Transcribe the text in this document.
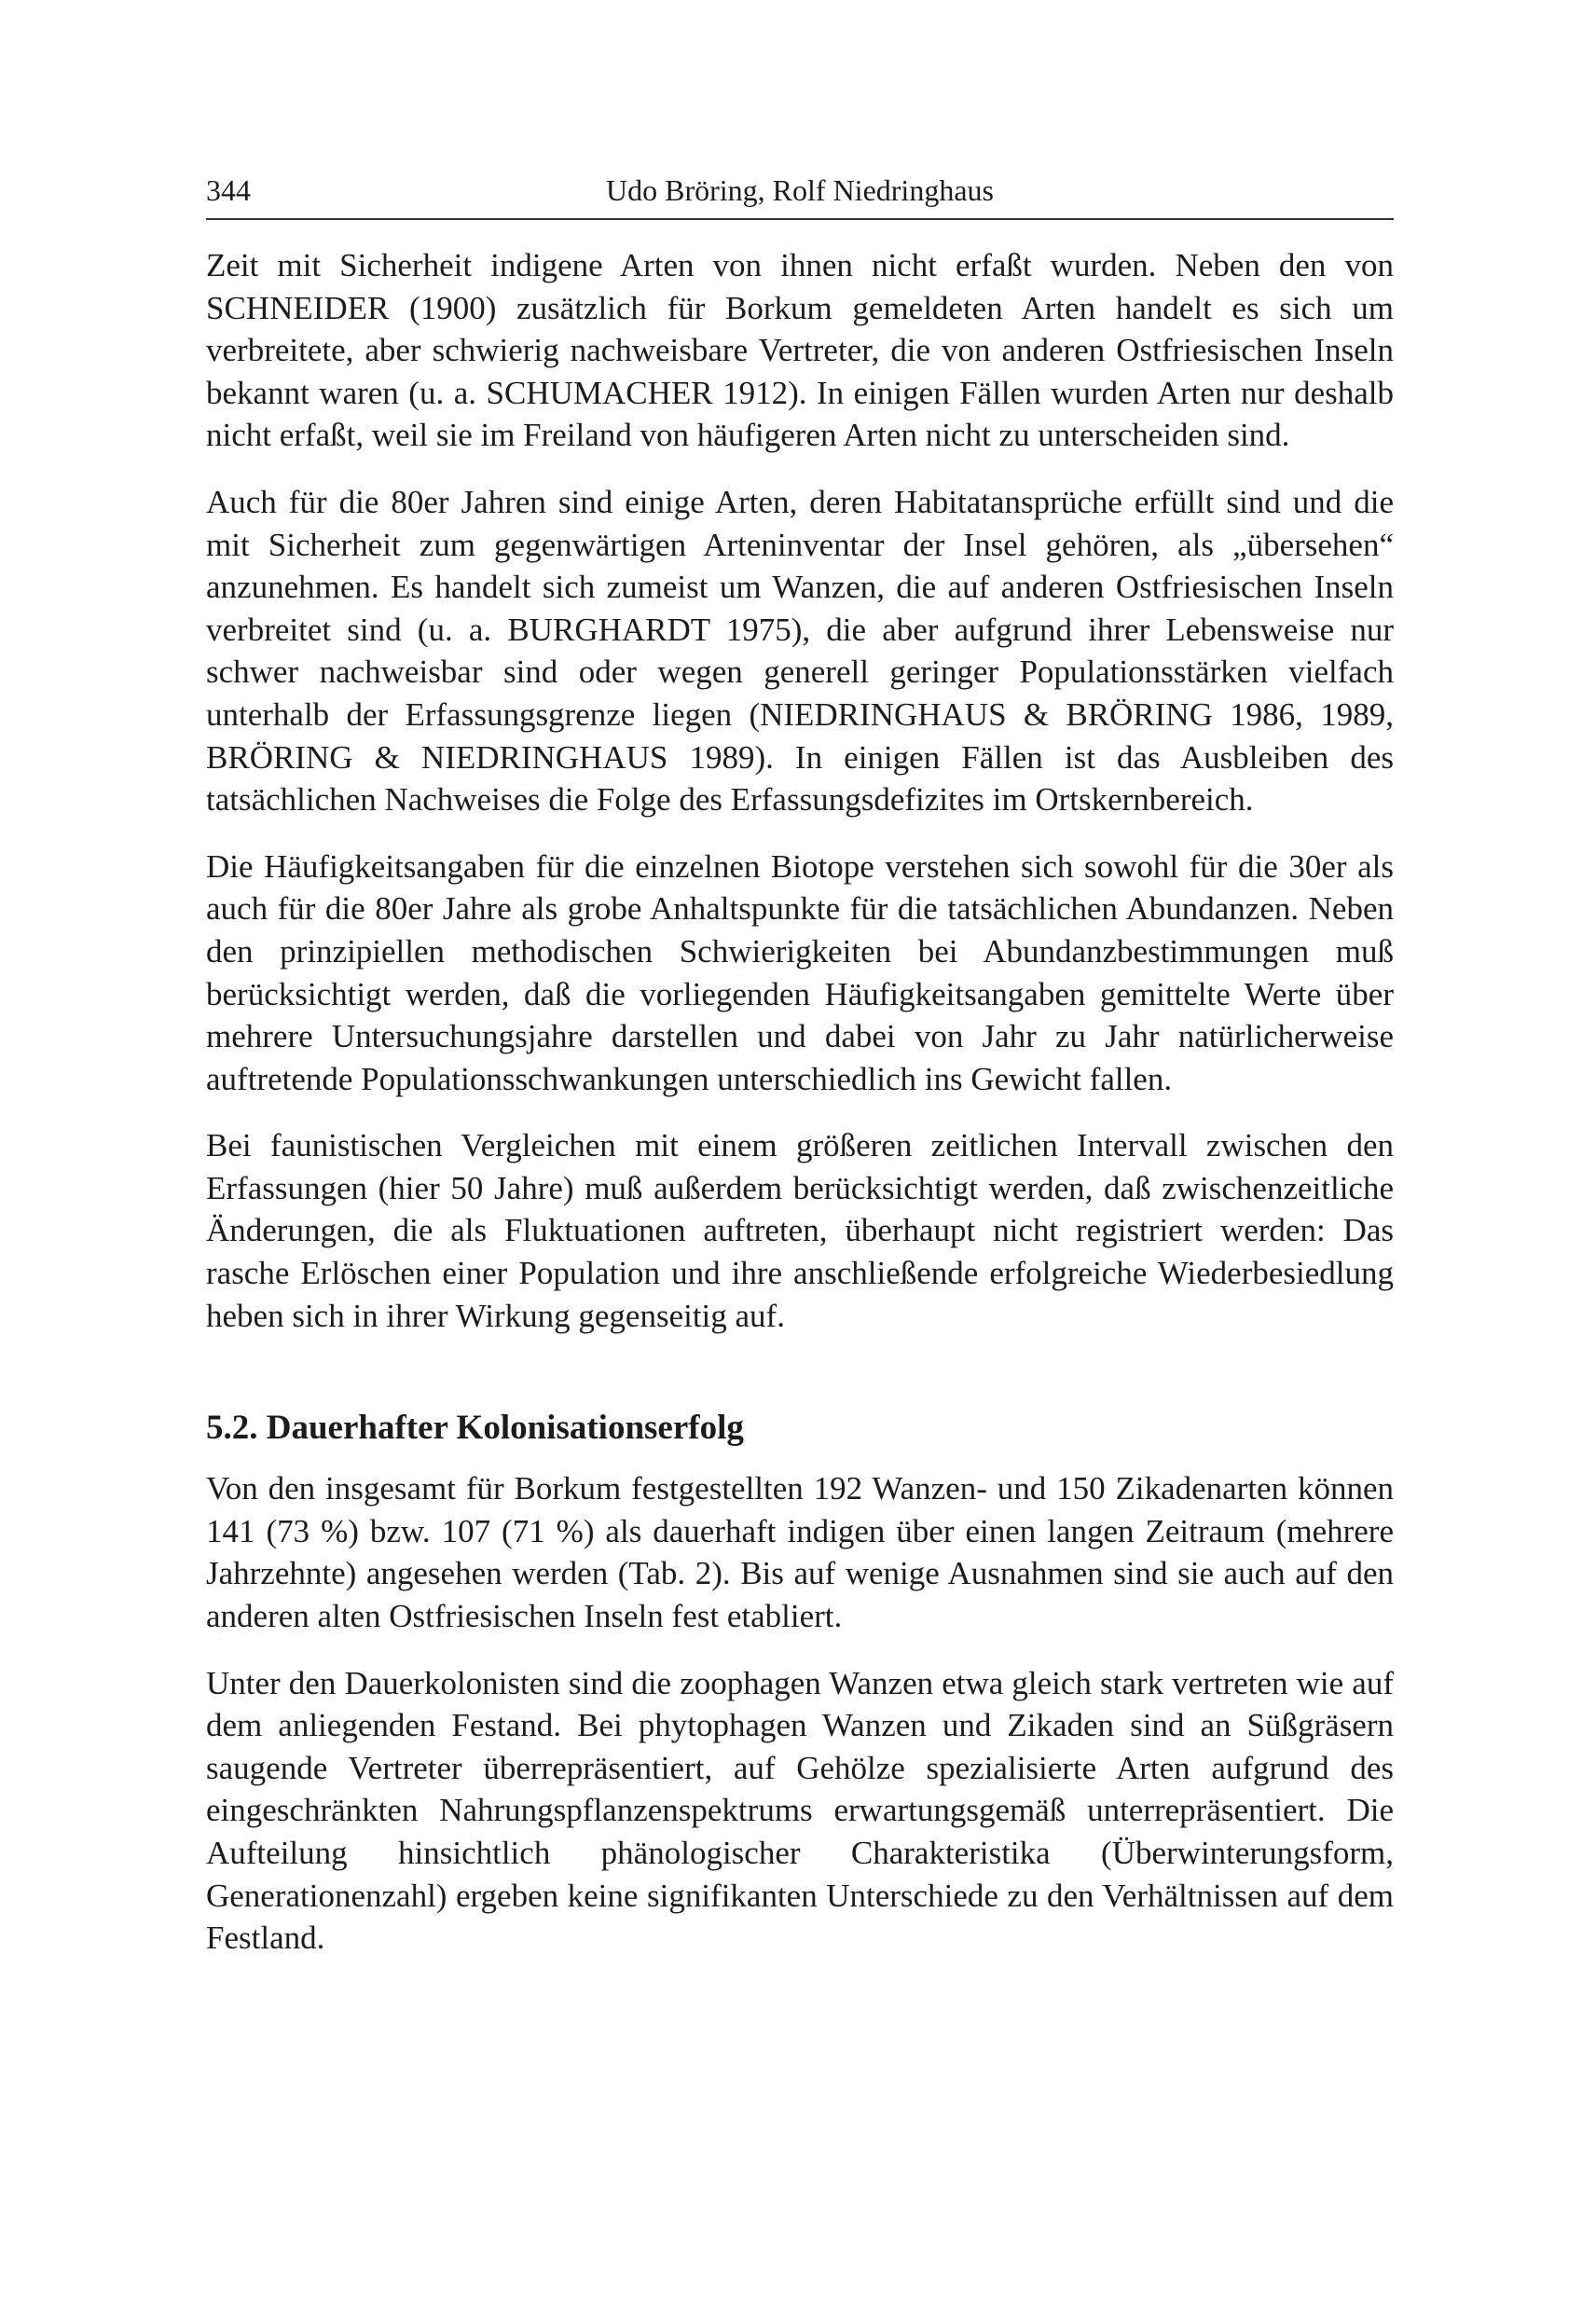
344	Udo Bröring, Rolf Niedringhaus

Zeit mit Sicherheit indigene Arten von ihnen nicht erfaßt wurden. Neben den von SCHNEIDER (1900) zusätzlich für Borkum gemeldeten Arten handelt es sich um verbreitete, aber schwierig nachweisbare Vertreter, die von anderen Ostfriesischen Inseln bekannt waren (u. a. SCHUMACHER 1912). In einigen Fällen wurden Arten nur deshalb nicht erfaßt, weil sie im Freiland von häufigeren Arten nicht zu unterscheiden sind.

Auch für die 80er Jahren sind einige Arten, deren Habitatansprüche erfüllt sind und die mit Sicherheit zum gegenwärtigen Arteninventar der Insel gehören, als „übersehen“ anzunehmen. Es handelt sich zumeist um Wanzen, die auf anderen Ostfriesischen Inseln verbreitet sind (u. a. BURGHARDT 1975), die aber aufgrund ihrer Lebensweise nur schwer nachweisbar sind oder wegen generell geringer Populationsstärken vielfach unterhalb der Erfassungsgrenze liegen (NIEDRINGHAUS & BRÖRING 1986, 1989, BRÖRING & NIEDRINGHAUS 1989). In einigen Fällen ist das Ausbleiben des tatsächlichen Nachweises die Folge des Erfassungsdefizites im Ortskernbereich.

Die Häufigkeitsangaben für die einzelnen Biotope verstehen sich sowohl für die 30er als auch für die 80er Jahre als grobe Anhaltspunkte für die tatsächlichen Abundanzen. Neben den prinzipiellen methodischen Schwierigkeiten bei Abundanzbestimmungen muß berücksichtigt werden, daß die vorliegenden Häufigkeitsangaben gemittelte Werte über mehrere Untersuchungsjahre darstellen und dabei von Jahr zu Jahr natürlicherweise auftretende Populationsschwankungen unterschiedlich ins Gewicht fallen.

Bei faunistischen Vergleichen mit einem größeren zeitlichen Intervall zwischen den Erfassungen (hier 50 Jahre) muß außerdem berücksichtigt werden, daß zwischenzeitliche Änderungen, die als Fluktuationen auftreten, überhaupt nicht registriert werden: Das rasche Erlöschen einer Population und ihre anschließende erfolgreiche Wiederbesiedlung heben sich in ihrer Wirkung gegenseitig auf.

5.2. Dauerhafter Kolonisationserfolg

Von den insgesamt für Borkum festgestellten 192 Wanzen- und 150 Zikadenarten können 141 (73 %) bzw. 107 (71 %) als dauerhaft indigen über einen langen Zeitraum (mehrere Jahrzehnte) angesehen werden (Tab. 2). Bis auf wenige Ausnahmen sind sie auch auf den anderen alten Ostfriesischen Inseln fest etabliert.

Unter den Dauerkolonisten sind die zoophagen Wanzen etwa gleich stark vertreten wie auf dem anliegenden Festand. Bei phytophagen Wanzen und Zikaden sind an Süßgräsern saugende Vertreter überrepräsentiert, auf Gehölze spezialisierte Arten aufgrund des eingeschränkten Nahrungspflanzenspektrums erwartungsgemäß unterrepräsentiert. Die Aufteilung hinsichtlich phänologischer Charakteristika (Überwinterungsform, Generationenzahl) ergeben keine signifikanten Unterschiede zu den Verhältnissen auf dem Festland.
